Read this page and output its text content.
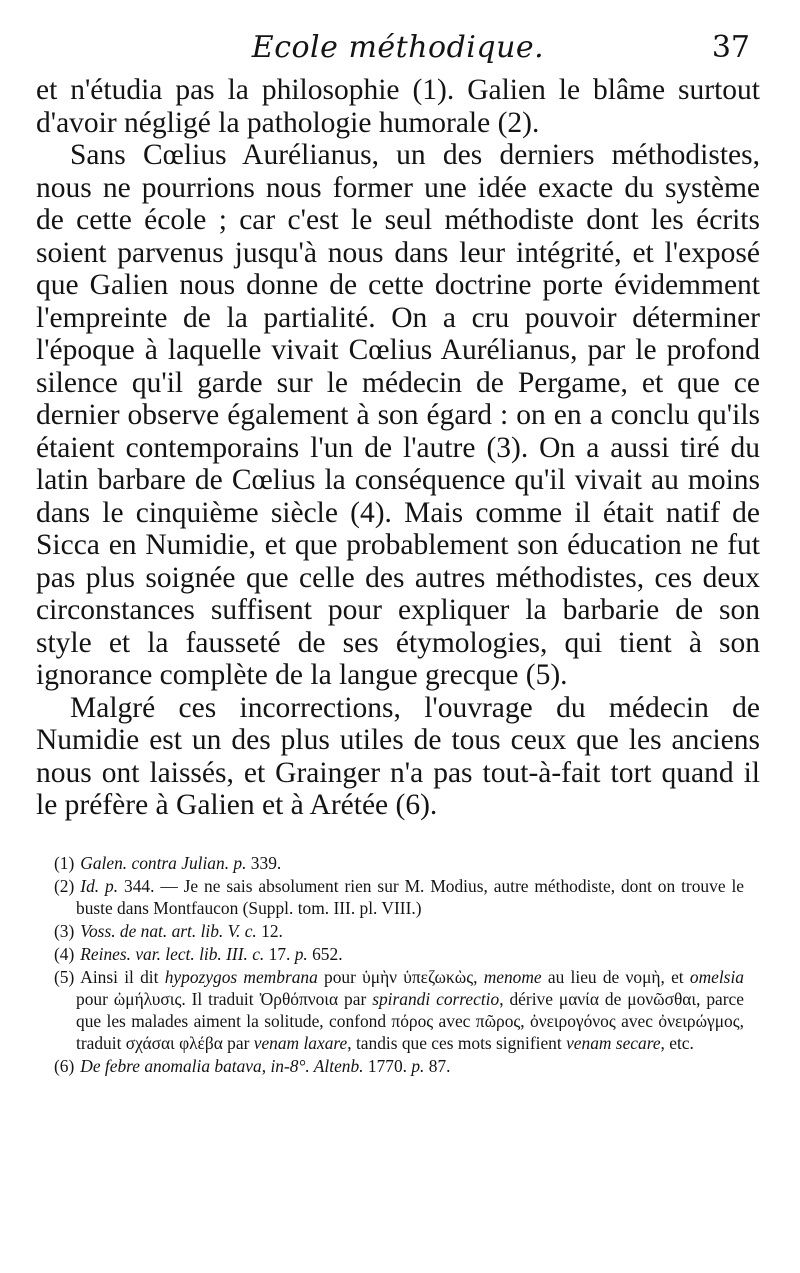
Ecole méthodique.	37

et n'étudia pas la philosophie (1). Galien le blâme surtout d'avoir négligé la pathologie humorale (2).

Sans Cœlius Aurélianus, un des derniers méthodistes, nous ne pourrions nous former une idée exacte du système de cette école ; car c'est le seul méthodiste dont les écrits soient parvenus jusqu'à nous dans leur intégrité, et l'exposé que Galien nous donne de cette doctrine porte évidemment l'empreinte de la partialité. On a cru pouvoir déterminer l'époque à laquelle vivait Cœlius Aurélianus, par le profond silence qu'il garde sur le médecin de Pergame, et que ce dernier observe également à son égard : on en a conclu qu'ils étaient contemporains l'un de l'autre (3). On a aussi tiré du latin barbare de Cœlius la conséquence qu'il vivait au moins dans le cinquième siècle (4). Mais comme il était natif de Sicca en Numidie, et que probablement son éducation ne fut pas plus soignée que celle des autres méthodistes, ces deux circonstances suffisent pour expliquer la barbarie de son style et la fausseté de ses étymologies, qui tient à son ignorance complète de la langue grecque (5).

Malgré ces incorrections, l'ouvrage du médecin de Numidie est un des plus utiles de tous ceux que les anciens nous ont laissés, et Grainger n'a pas tout-à-fait tort quand il le préfère à Galien et à Arétée (6).

(1) Galen. contra Julian. p. 339.

(2) Id. p. 344. — Je ne sais absolument rien sur M. Modius, autre méthodiste, dont on trouve le buste dans Montfaucon (Suppl. tom. III. pl. VIII.)

(3) Voss. de nat. art. lib. V. c. 12.

(4) Reines. var. lect. lib. III. c. 17. p. 652.

(5) Ainsi il dit hypozygos membrana pour ὑμὴν ὑπεζωκὼς, menome au lieu de νομὴ, et omelsia pour ὠμήλυσις. Il traduit Ὀρθόπνοια par spirandi correctio, dérive μανία de μονῶσθαι, parce que les malades aiment la solitude, confond πόρος avec πῶρος, ὀνειρογόνος avec ὀνειρώγμος, traduit σχάσαι φλέβα par venam laxare, tandis que ces mots signifient venam secare, etc.

(6) De febre anomalia batava, in-8°. Altenb. 1770. p. 87.
